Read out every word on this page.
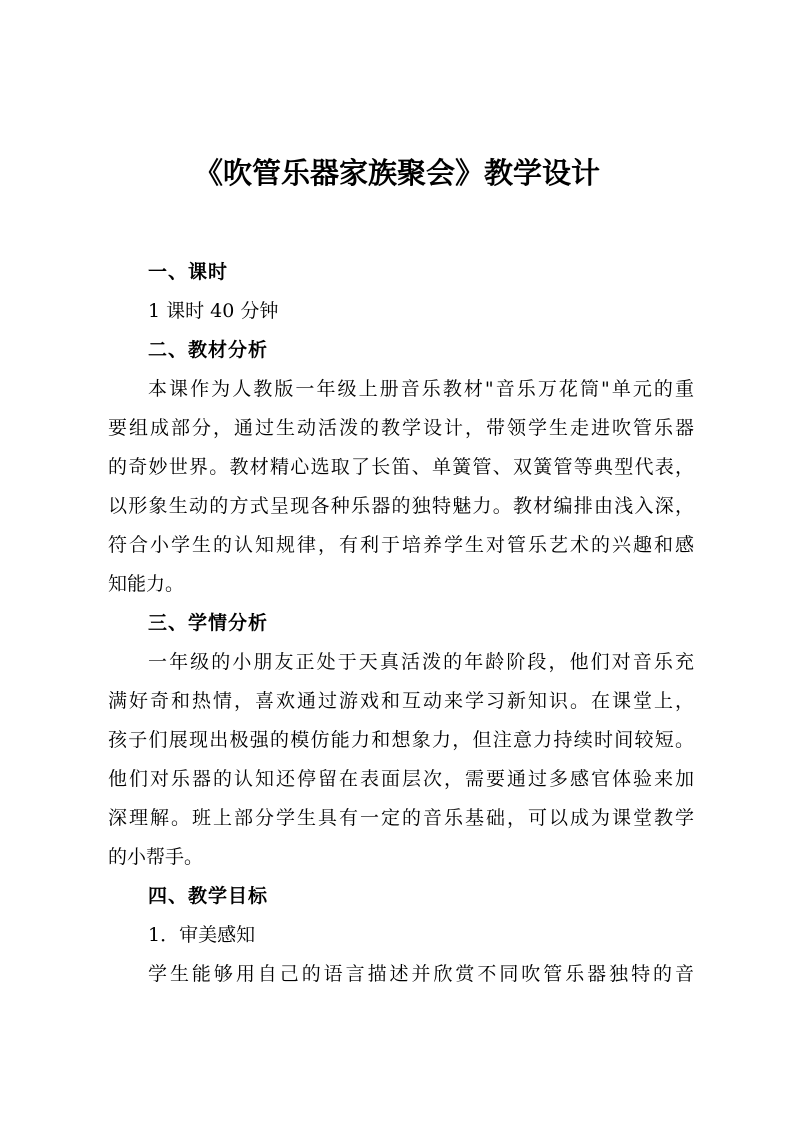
《吹管乐器家族聚会》教学设计
一、课时
1 课时 40 分钟
二、教材分析
本课作为人教版一年级上册音乐教材"音乐万花筒"单元的重
要组成部分，通过生动活泼的教学设计，带领学生走进吹管乐器
的奇妙世界。教材精心选取了长笛、单簧管、双簧管等典型代表，
以形象生动的方式呈现各种乐器的独特魅力。教材编排由浅入深，
符合小学生的认知规律，有利于培养学生对管乐艺术的兴趣和感
知能力。
三、学情分析
一年级的小朋友正处于天真活泼的年龄阶段，他们对音乐充
满好奇和热情，喜欢通过游戏和互动来学习新知识。在课堂上，
孩子们展现出极强的模仿能力和想象力，但注意力持续时间较短。
他们对乐器的认知还停留在表面层次，需要通过多感官体验来加
深理解。班上部分学生具有一定的音乐基础，可以成为课堂教学
的小帮手。
四、教学目标
1．审美感知
学生能够用自己的语言描述并欣赏不同吹管乐器独特的音
